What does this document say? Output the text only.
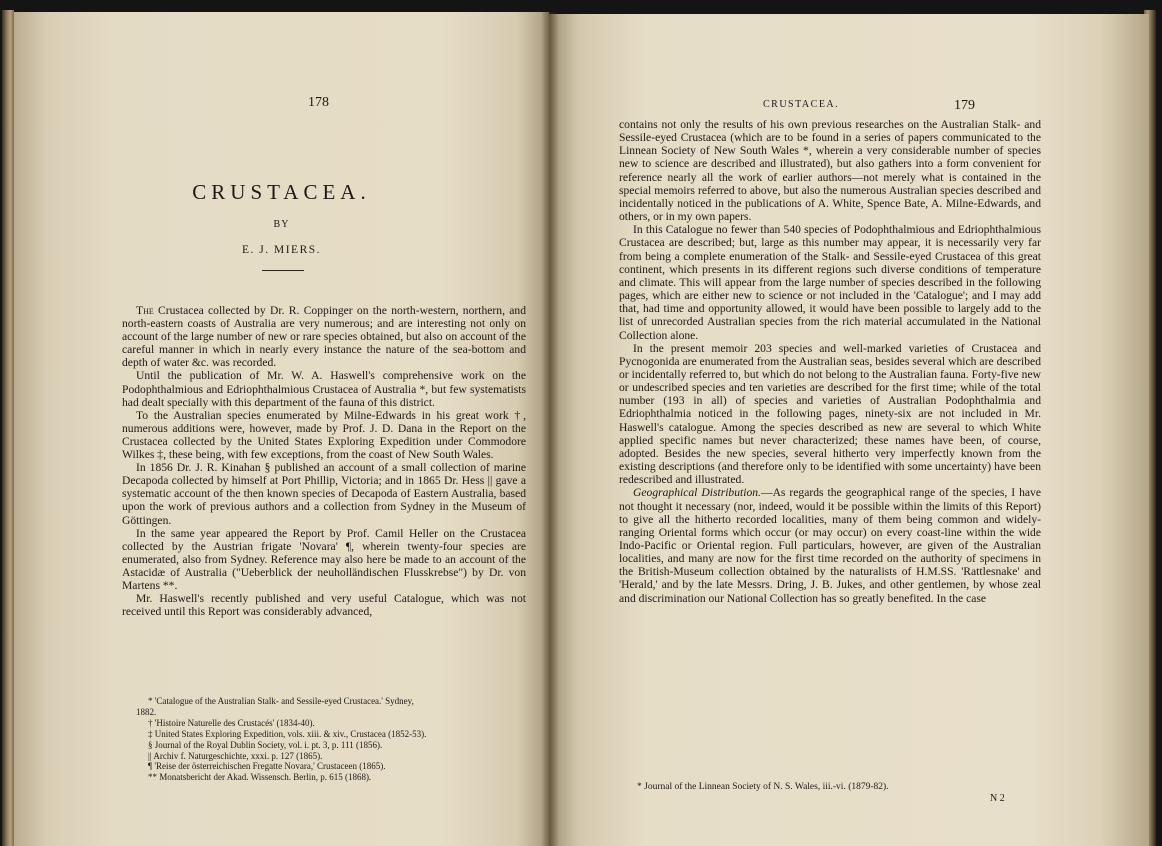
178
CRUSTACEA.
BY
E. J. MIERS.

The Crustacea collected by Dr. R. Coppinger on the north-western, northern, and north-eastern coasts of Australia are very numerous; and are interesting not only on account of the large number of new or rare species obtained, but also on account of the careful manner in which in nearly every instance the nature of the sea-bottom and depth of water &c. was recorded.

Until the publication of Mr. W. A. Haswell's comprehensive work on the Podophthalmious and Edriophthalmious Crustacea of Australia *, but few systematists had dealt specially with this department of the fauna of this district.

To the Australian species enumerated by Milne-Edwards in his great work †, numerous additions were, however, made by Prof. J. D. Dana in the Report on the Crustacea collected by the United States Exploring Expedition under Commodore Wilkes ‡, these being, with few exceptions, from the coast of New South Wales.

In 1856 Dr. J. R. Kinahan § published an account of a small collection of marine Decapoda collected by himself at Port Phillip, Victoria; and in 1865 Dr. Hess || gave a systematic account of the then known species of Decapoda of Eastern Australia, based upon the work of previous authors and a collection from Sydney in the Museum of Göttingen.

In the same year appeared the Report by Prof. Camil Heller on the Crustacea collected by the Austrian frigate 'Novara' ¶, wherein twenty-four species are enumerated, also from Sydney. Reference may also here be made to an account of the Astacidæ of Australia ("Ueberblick der neuholländischen Flusskrebse") by Dr. von Martens **.

Mr. Haswell's recently published and very useful Catalogue, which was not received until this Report was considerably advanced,

* 'Catalogue of the Australian Stalk- and Sessile-eyed Crustacea.' Sydney,
1882.
† 'Histoire Naturelle des Crustacés' (1834-40).
‡ United States Exploring Expedition, vols. xiii. & xiv., Crustacea (1852-53).
§ Journal of the Royal Dublin Society, vol. i. pt. 3, p. 111 (1856).
|| Archiv f. Naturgeschichte, xxxi. p. 127 (1865).
¶ 'Reise der österreichischen Fregatte Novara,' Crustaceen (1865).
** Monatsbericht der Akad. Wissensch. Berlin, p. 615 (1868).
CRUSTACEA.	179

contains not only the results of his own previous researches on the Australian Stalk- and Sessile-eyed Crustacea (which are to be found in a series of papers communicated to the Linnean Society of New South Wales *, wherein a very considerable number of species new to science are described and illustrated), but also gathers into a form convenient for reference nearly all the work of earlier authors—not merely what is contained in the special memoirs referred to above, but also the numerous Australian species described and incidentally noticed in the publications of A. White, Spence Bate, A. Milne-Edwards, and others, or in my own papers.

In this Catalogue no fewer than 540 species of Podophthalmious and Edriophthalmious Crustacea are described; but, large as this number may appear, it is necessarily very far from being a complete enumeration of the Stalk- and Sessile-eyed Crustacea of this great continent, which presents in its different regions such diverse conditions of temperature and climate. This will appear from the large number of species described in the following pages, which are either new to science or not included in the 'Catalogue'; and I may add that, had time and opportunity allowed, it would have been possible to largely add to the list of unrecorded Australian species from the rich material accumulated in the National Collection alone.

In the present memoir 203 species and well-marked varieties of Crustacea and Pycnogonida are enumerated from the Australian seas, besides several which are described or incidentally referred to, but which do not belong to the Australian fauna. Forty-five new or undescribed species and ten varieties are described for the first time; while of the total number (193 in all) of species and varieties of Australian Podophthalmia and Edriophthalmia noticed in the following pages, ninety-six are not included in Mr. Haswell's catalogue. Among the species described as new are several to which White applied specific names but never characterized; these names have been, of course, adopted. Besides the new species, several hitherto very imperfectly known from the existing descriptions (and therefore only to be identified with some uncertainty) have been redescribed and illustrated.

Geographical Distribution.—As regards the geographical range of the species, I have not thought it necessary (nor, indeed, would it be possible within the limits of this Report) to give all the hitherto recorded localities, many of them being common and widely-ranging Oriental forms which occur (or may occur) on every coast-line within the wide Indo-Pacific or Oriental region. Full particulars, however, are given of the Australian localities, and many are now for the first time recorded on the authority of specimens in the British-Museum collection obtained by the naturalists of H.M.SS. 'Rattlesnake' and 'Herald,' and by the late Messrs. Dring, J. B. Jukes, and other gentlemen, by whose zeal and discrimination our National Collection has so greatly benefited. In the case

* Journal of the Linnean Society of N. S. Wales, iii.-vi. (1879-82).
N 2
